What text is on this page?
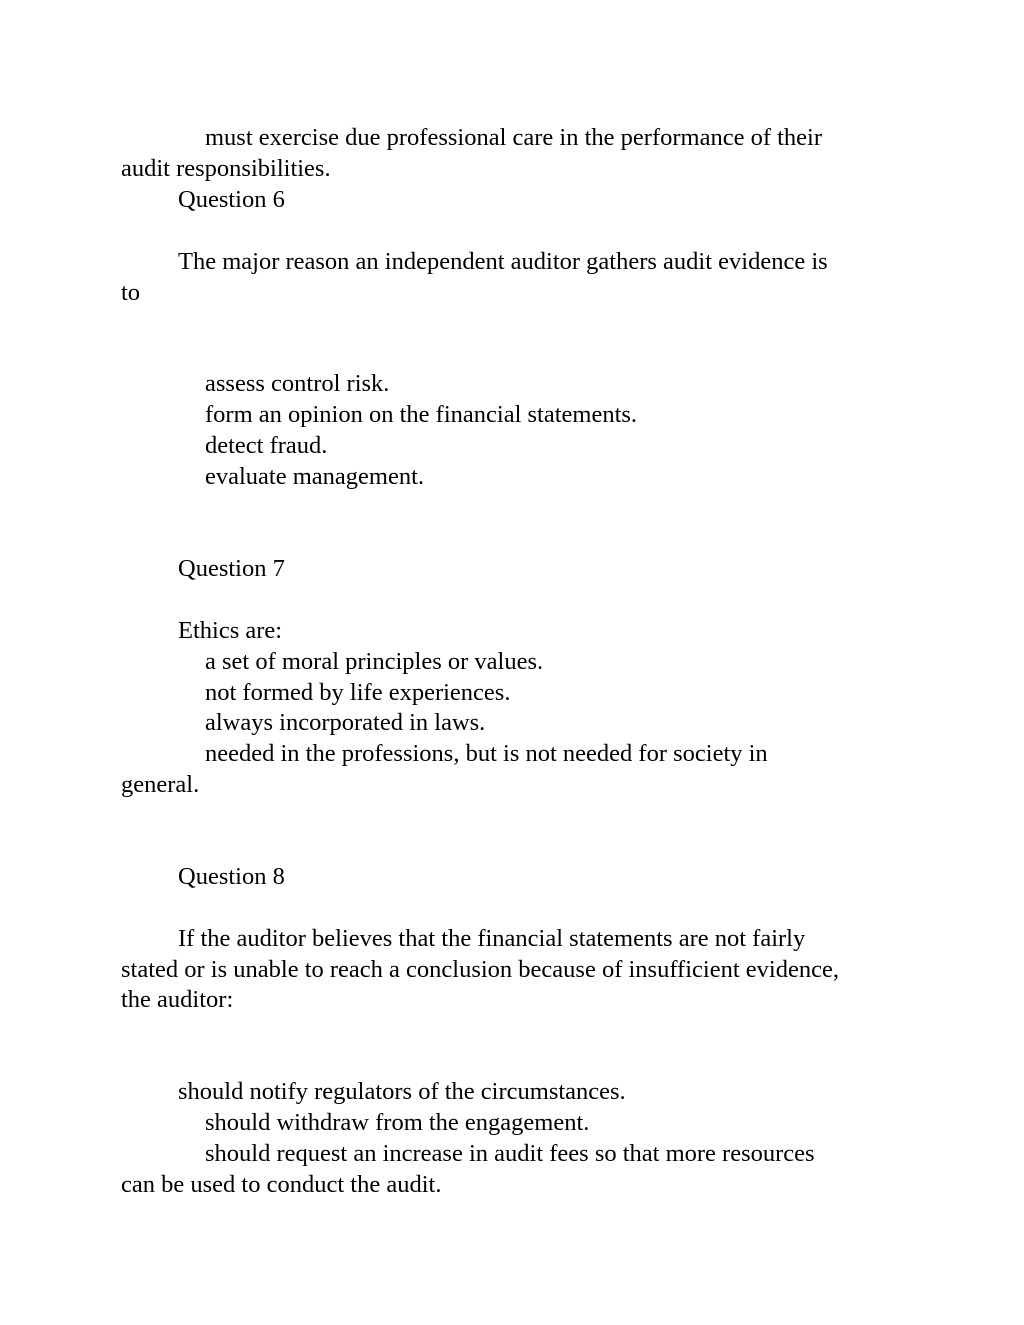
must exercise due professional care in the performance of their

audit responsibilities.

Question 6

The major reason an independent auditor gathers audit evidence is

to

assess control risk.

form an opinion on the financial statements.

detect fraud.

evaluate management.

Question 7

Ethics are:

a set of moral principles or values.

not formed by life experiences.

always incorporated in laws.

needed in the professions, but is not needed for society in

general.

Question 8

If the auditor believes that the financial statements are not fairly

stated or is unable to reach a conclusion because of insufficient evidence,

the auditor:

should notify regulators of the circumstances.

should withdraw from the engagement.

should request an increase in audit fees so that more resources

can be used to conduct the audit.
